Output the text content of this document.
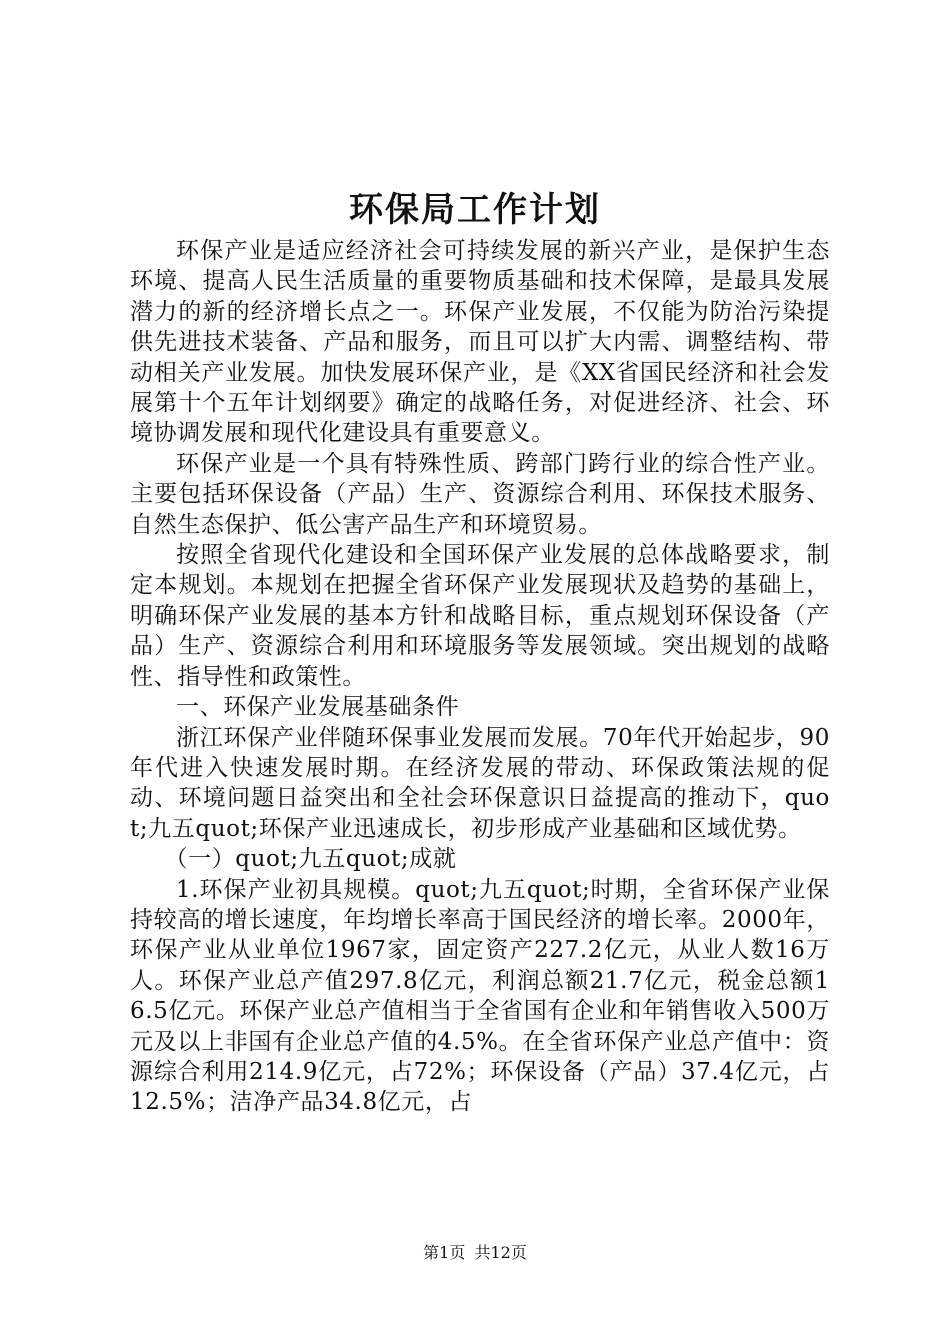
环保局工作计划

环保产业是适应经济社会可持续发展的新兴产业，是保护生态环境、提高人民生活质量的重要物质基础和技术保障，是最具发展潜力的新的经济增长点之一。环保产业发展，不仅能为防治污染提供先进技术装备、产品和服务，而且可以扩大内需、调整结构、带动相关产业发展。加快发展环保产业，是《XX省国民经济和社会发展第十个五年计划纲要》确定的战略任务，对促进经济、社会、环境协调发展和现代化建设具有重要意义。

环保产业是一个具有特殊性质、跨部门跨行业的综合性产业。主要包括环保设备（产品）生产、资源综合利用、环保技术服务、自然生态保护、低公害产品生产和环境贸易。

按照全省现代化建设和全国环保产业发展的总体战略要求，制定本规划。本规划在把握全省环保产业发展现状及趋势的基础上，明确环保产业发展的基本方针和战略目标，重点规划环保设备（产品）生产、资源综合利用和环境服务等发展领域。突出规划的战略性、指导性和政策性。

一、环保产业发展基础条件

浙江环保产业伴随环保事业发展而发展。70年代开始起步，90年代进入快速发展时期。在经济发展的带动、环保政策法规的促动、环境问题日益突出和全社会环保意识日益提高的推动下，quot;九五quot;环保产业迅速成长，初步形成产业基础和区域优势。

（一）quot;九五quot;成就

1.环保产业初具规模。quot;九五quot;时期，全省环保产业保持较高的增长速度，年均增长率高于国民经济的增长率。2000年，环保产业从业单位1967家，固定资产227.2亿元，从业人数16万人。环保产业总产值297.8亿元，利润总额21.7亿元，税金总额16.5亿元。环保产业总产值相当于全省国有企业和年销售收入500万元及以上非国有企业总产值的4.5%。在全省环保产业总产值中：资源综合利用214.9亿元，占72%；环保设备（产品）37.4亿元，占12.5%；洁净产品34.8亿元，占

第1页 共12页
